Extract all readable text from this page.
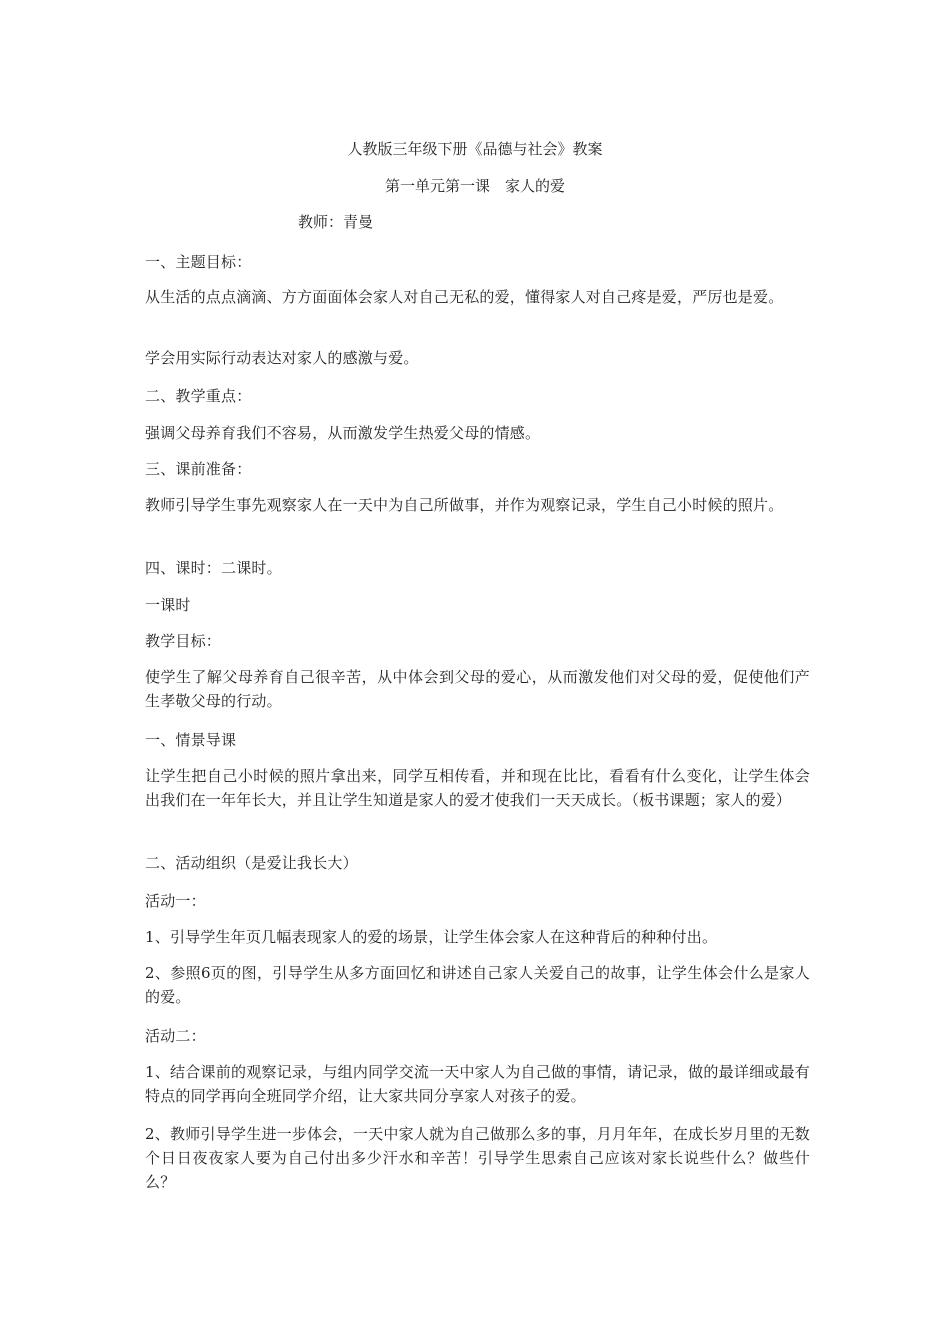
人教版三年级下册《品德与社会》教案
第一单元第一课　家人的爱
教师：青曼
一、主题目标：
从生活的点点滴滴、方方面面体会家人对自己无私的爱，懂得家人对自己疼是爱，严厉也是爱。
学会用实际行动表达对家人的感激与爱。
二、教学重点：
强调父母养育我们不容易，从而激发学生热爱父母的情感。
三、课前准备：
教师引导学生事先观察家人在一天中为自己所做事，并作为观察记录，学生自己小时候的照片。
四、课时：二课时。
一课时
教学目标：
使学生了解父母养育自己很辛苦，从中体会到父母的爱心，从而激发他们对父母的爱，促使他们产生孝敬父母的行动。
一、情景导课
让学生把自己小时候的照片拿出来，同学互相传看，并和现在比比，看看有什么变化，让学生体会出我们在一年年长大，并且让学生知道是家人的爱才使我们一天天成长。（板书课题；家人的爱）
二、活动组织（是爱让我长大）
活动一：
1、引导学生年页几幅表现家人的爱的场景，让学生体会家人在这种背后的种种付出。
2、参照6页的图，引导学生从多方面回忆和讲述自己家人关爱自己的故事，让学生体会什么是家人的爱。
活动二：
1、结合课前的观察记录，与组内同学交流一天中家人为自己做的事情，请记录，做的最详细或最有特点的同学再向全班同学介绍，让大家共同分享家人对孩子的爱。
2、教师引导学生进一步体会，一天中家人就为自己做那么多的事，月月年年，在成长岁月里的无数个日日夜夜家人要为自己付出多少汗水和辛苦！引导学生思索自己应该对家长说些什么？做些什么？
